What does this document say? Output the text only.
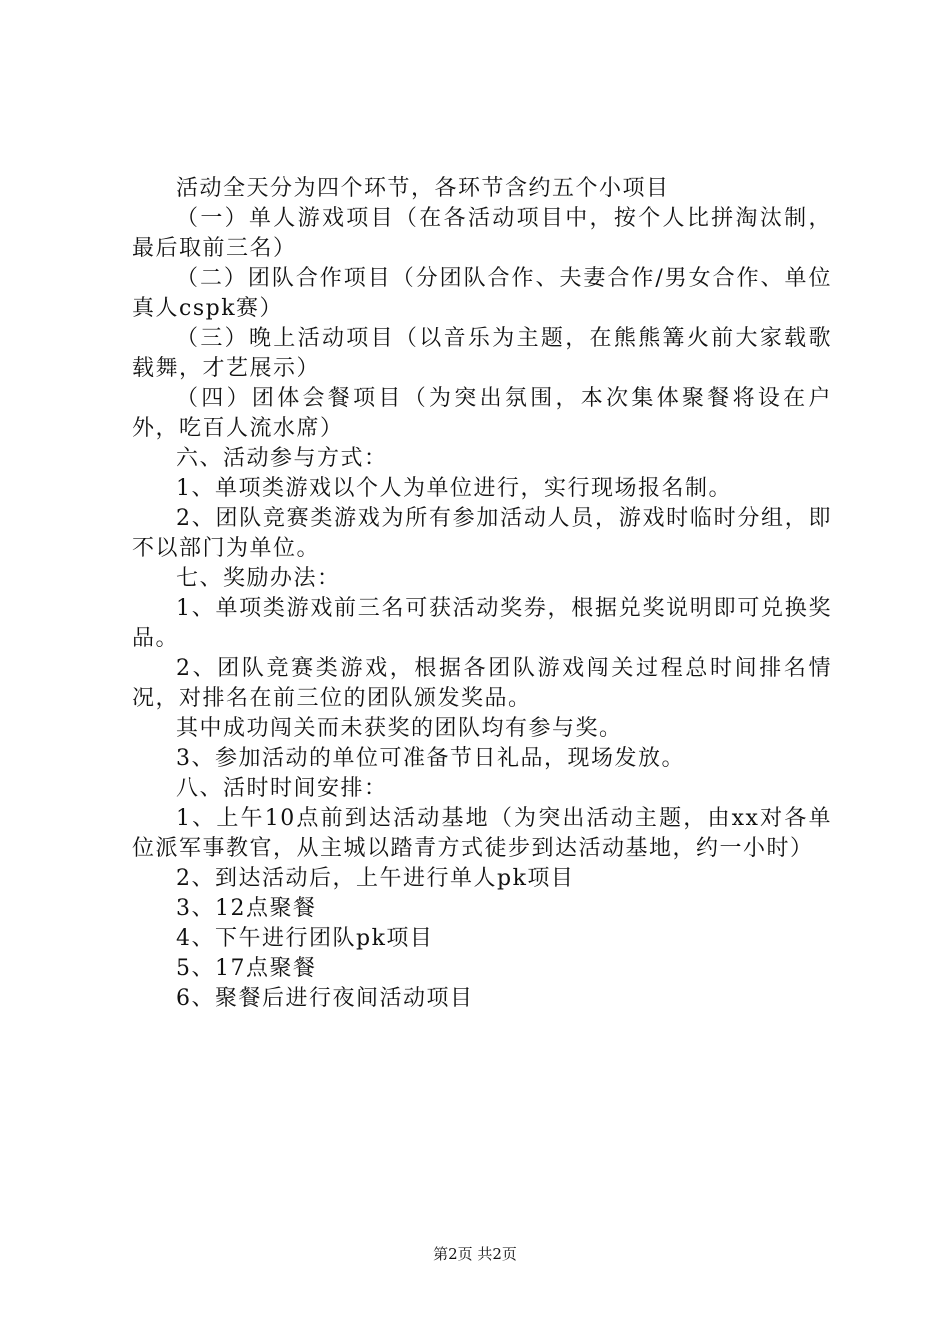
活动全天分为四个环节，各环节含约五个小项目

（一）单人游戏项目（在各活动项目中，按个人比拼淘汰制，最后取前三名）

（二）团队合作项目（分团队合作、夫妻合作/男女合作、单位真人cspk赛）

（三）晚上活动项目（以音乐为主题，在熊熊篝火前大家载歌载舞，才艺展示）

（四）团体会餐项目（为突出氛围，本次集体聚餐将设在户外，吃百人流水席）

六、活动参与方式：

1、单项类游戏以个人为单位进行，实行现场报名制。

2、团队竞赛类游戏为所有参加活动人员，游戏时临时分组，即不以部门为单位。

七、奖励办法：

1、单项类游戏前三名可获活动奖券，根据兑奖说明即可兑换奖品。

2、团队竞赛类游戏，根据各团队游戏闯关过程总时间排名情况，对排名在前三位的团队颁发奖品。

其中成功闯关而未获奖的团队均有参与奖。

3、参加活动的单位可准备节日礼品，现场发放。

八、活时时间安排：

1、上午10点前到达活动基地（为突出活动主题，由xx对各单位派军事教官，从主城以踏青方式徒步到达活动基地，约一小时）

2、到达活动后，上午进行单人pk项目

3、12点聚餐

4、下午进行团队pk项目

5、17点聚餐

6、聚餐后进行夜间活动项目

第2页 共2页
